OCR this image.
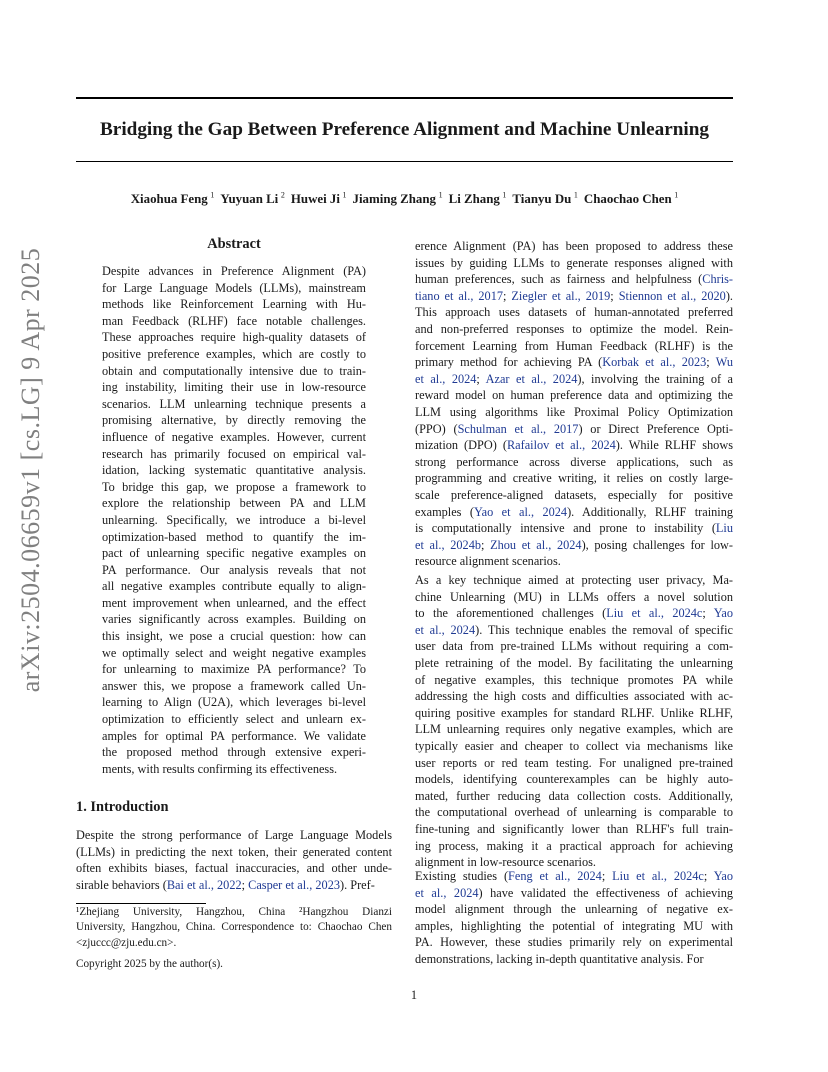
Bridging the Gap Between Preference Alignment and Machine Unlearning
Xiaohua Feng  $^1$ Yuyuan Li  $^2$ Huwei Ji  $^1$ Jiaming Zhang  $^1$ Li Zhang  $^1$ Tianyu Du  $^1$ Chaochao Chen  $^1$
arXiv:2504.06659v1 [cs.LG] 9 Apr 2025
Abstract
Despite advances in Preference Alignment (PA)
for Large Language Models (LLMs), mainstream
methods like Reinforcement Learning with Hu-
man Feedback (RLHF) face notable challenges.
These approaches require high-quality datasets of
positive preference examples, which are costly to
obtain and computationally intensive due to train-
ing instability, limiting their use in low-resource
scenarios. LLM unlearning technique presents a
promising alternative, by directly removing the
influence of negative examples. However, current
research has primarily focused on empirical val-
idation, lacking systematic quantitative analysis.
To bridge this gap, we propose a framework to
explore the relationship between PA and LLM
unlearning. Specifically, we introduce a bi-level
optimization-based method to quantify the im-
pact of unlearning specific negative examples on
PA performance. Our analysis reveals that not
all negative examples contribute equally to align-
ment improvement when unlearned, and the effect
varies significantly across examples. Building on
this insight, we pose a crucial question: how can
we optimally select and weight negative examples
for unlearning to maximize PA performance? To
answer this, we propose a framework called Un-
learning to Align (U2A), which leverages bi-level
optimization to efficiently select and unlearn ex-
amples for optimal PA performance. We validate
the proposed method through extensive experi-
ments, with results confirming its effectiveness.
1. Introduction
Despite the strong performance of Large Language Models
(LLMs) in predicting the next token, their generated content
often exhibits biases, factual inaccuracies, and other unde-
sirable behaviors (Bai et al., 2022; Casper et al., 2023). Pref-
¹Zhejiang University, Hangzhou, China ²Hangzhou Dianzi
University, Hangzhou, China. Correspondence to: Chaochao Chen
<zjuccc@zju.edu.cn>.
Copyright 2025 by the author(s).
erence Alignment (PA) has been proposed to address these
issues by guiding LLMs to generate responses aligned with
human preferences, such as fairness and helpfulness (Chris-
tiano et al., 2017; Ziegler et al., 2019; Stiennon et al., 2020).
This approach uses datasets of human-annotated preferred
and non-preferred responses to optimize the model. Rein-
forcement Learning from Human Feedback (RLHF) is the
primary method for achieving PA (Korbak et al., 2023; Wu
et al., 2024; Azar et al., 2024), involving the training of a
reward model on human preference data and optimizing the
LLM using algorithms like Proximal Policy Optimization
(PPO) (Schulman et al., 2017) or Direct Preference Opti-
mization (DPO) (Rafailov et al., 2024). While RLHF shows
strong performance across diverse applications, such as
programming and creative writing, it relies on costly large-
scale preference-aligned datasets, especially for positive
examples (Yao et al., 2024). Additionally, RLHF training
is computationally intensive and prone to instability (Liu
et al., 2024b; Zhou et al., 2024), posing challenges for low-
resource alignment scenarios.
As a key technique aimed at protecting user privacy, Ma-
chine Unlearning (MU) in LLMs offers a novel solution
to the aforementioned challenges (Liu et al., 2024c; Yao
et al., 2024). This technique enables the removal of specific
user data from pre-trained LLMs without requiring a com-
plete retraining of the model. By facilitating the unlearning
of negative examples, this technique promotes PA while
addressing the high costs and difficulties associated with ac-
quiring positive examples for standard RLHF. Unlike RLHF,
LLM unlearning requires only negative examples, which are
typically easier and cheaper to collect via mechanisms like
user reports or red team testing. For unaligned pre-trained
models, identifying counterexamples can be highly auto-
mated, further reducing data collection costs. Additionally,
the computational overhead of unlearning is comparable to
fine-tuning and significantly lower than RLHF's full train-
ing process, making it a practical approach for achieving
alignment in low-resource scenarios.
Existing studies (Feng et al., 2024; Liu et al., 2024c; Yao
et al., 2024) have validated the effectiveness of achieving
model alignment through the unlearning of negative ex-
amples, highlighting the potential of integrating MU with
PA. However, these studies primarily rely on experimental
demonstrations, lacking in-depth quantitative analysis. For
1
